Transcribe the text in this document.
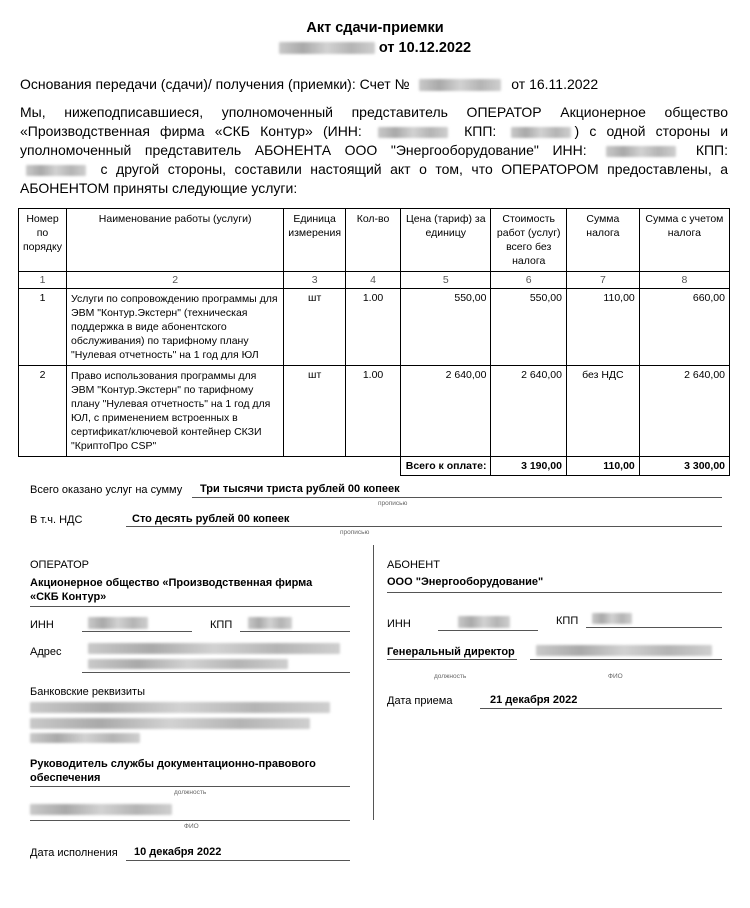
Акт сдачи-приемки
от 10.12.2022
Основания передачи (сдачи)/ получения (приемки): Счет №	от 16.11.2022
Мы, нижеподписавшиеся, уполномоченный представитель ОПЕРАТОР Акционерное общество «Производственная фирма «СКБ Контур» (ИНН:	КПП:	) с одной стороны и уполномоченный представитель АБОНЕНТА ООО "Энергооборудование" ИНН:	КПП:  с другой стороны, составили настоящий акт о том, что ОПЕРАТОРОМ предоставлены, а АБОНЕНТОМ приняты следующие услуги:
Номер по порядку	Наименование работы (услуги)	Единица измерения	Кол-во	Цена (тариф) за единицу	Стоимость работ (услуг) всего без налога	Сумма налога	Сумма с учетом налога
1	2	3	4	5	6	7	8
1	Услуги по сопровождению программы для ЭВМ "Контур.Экстерн" (техническая поддержка в виде абонентского обслуживания) по тарифному плану "Нулевая отчетность" на 1 год для ЮЛ	шт	1.00	550,00	550,00	110,00	660,00
2	Право использования программы для ЭВМ "Контур.Экстерн" по тарифному плану "Нулевая отчетность" на 1 год для ЮЛ, с применением встроенных в сертификат/ключевой контейнер СКЗИ "КриптоПро CSP"	шт	1.00	2 640,00	2 640,00	без НДС	2 640,00
				Всего к оплате:	3 190,00	110,00	3 300,00
Всего оказано услуг на сумму Три тысячи триста рублей 00 копеек
прописью
В т.ч. НДС	Сто десять рублей 00 копеек
прописью
ОПЕРАТОР
Акционерное общество «Производственная фирма «СКБ Контур»
ИНН	КПП
Адрес
Банковские реквизиты
Руководитель службы документационно-правового обеспечения
должность
ФИО
Дата исполнения 10 декабря 2022
АБОНЕНТ
ООО "Энергооборудование"
ИНН	КПП
Генеральный директор
должность	ФИО
Дата приема	21 декабря 2022
